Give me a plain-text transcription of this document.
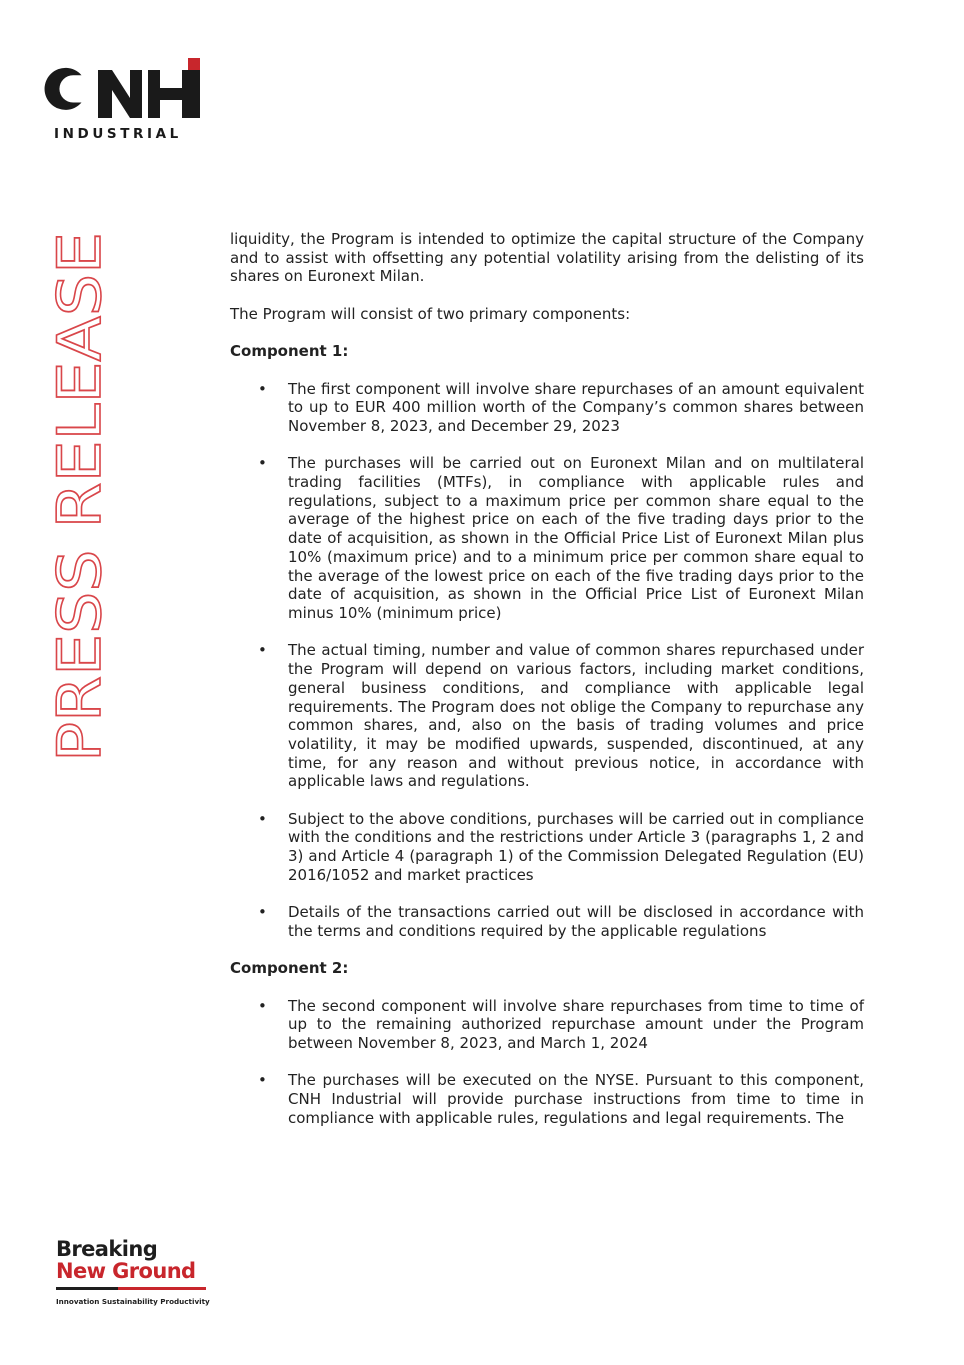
CNH
INDUSTRIAL
PRESS RELEASE

liquidity, the Program is intended to optimize the capital structure of the Company and to assist with offsetting any potential volatility arising from the delisting of its shares on Euronext Milan.

The Program will consist of two primary components:

Component 1:

• The first component will involve share repurchases of an amount equivalent to up to EUR 400 million worth of the Company’s common shares between November 8, 2023, and December 29, 2023
• The purchases will be carried out on Euronext Milan and on multilateral trading facilities (MTFs), in compliance with applicable rules and regulations, subject to a maximum price per common share equal to the average of the highest price on each of the five trading days prior to the date of acquisition, as shown in the Official Price List of Euronext Milan plus 10% (maximum price) and to a minimum price per common share equal to the average of the lowest price on each of the five trading days prior to the date of acquisition, as shown in the Official Price List of Euronext Milan minus 10% (minimum price)
• The actual timing, number and value of common shares repurchased under the Program will depend on various factors, including market conditions, general business conditions, and compliance with applicable legal requirements. The Program does not oblige the Company to repurchase any common shares, and, also on the basis of trading volumes and price volatility, it may be modified upwards, suspended, discontinued, at any time, for any reason and without previous notice, in accordance with applicable laws and regulations.
• Subject to the above conditions, purchases will be carried out in compliance with the conditions and the restrictions under Article 3 (paragraphs 1, 2 and 3) and Article 4 (paragraph 1) of the Commission Delegated Regulation (EU) 2016/1052 and market practices
• Details of the transactions carried out will be disclosed in accordance with the terms and conditions required by the applicable regulations

Component 2:

• The second component will involve share repurchases from time to time of up to the remaining authorized repurchase amount under the Program between November 8, 2023, and March 1, 2024
• The purchases will be executed on the NYSE. Pursuant to this component, CNH Industrial will provide purchase instructions from time to time in compliance with applicable rules, regulations and legal requirements. The
Breaking
New Ground
Innovation Sustainability Productivity
